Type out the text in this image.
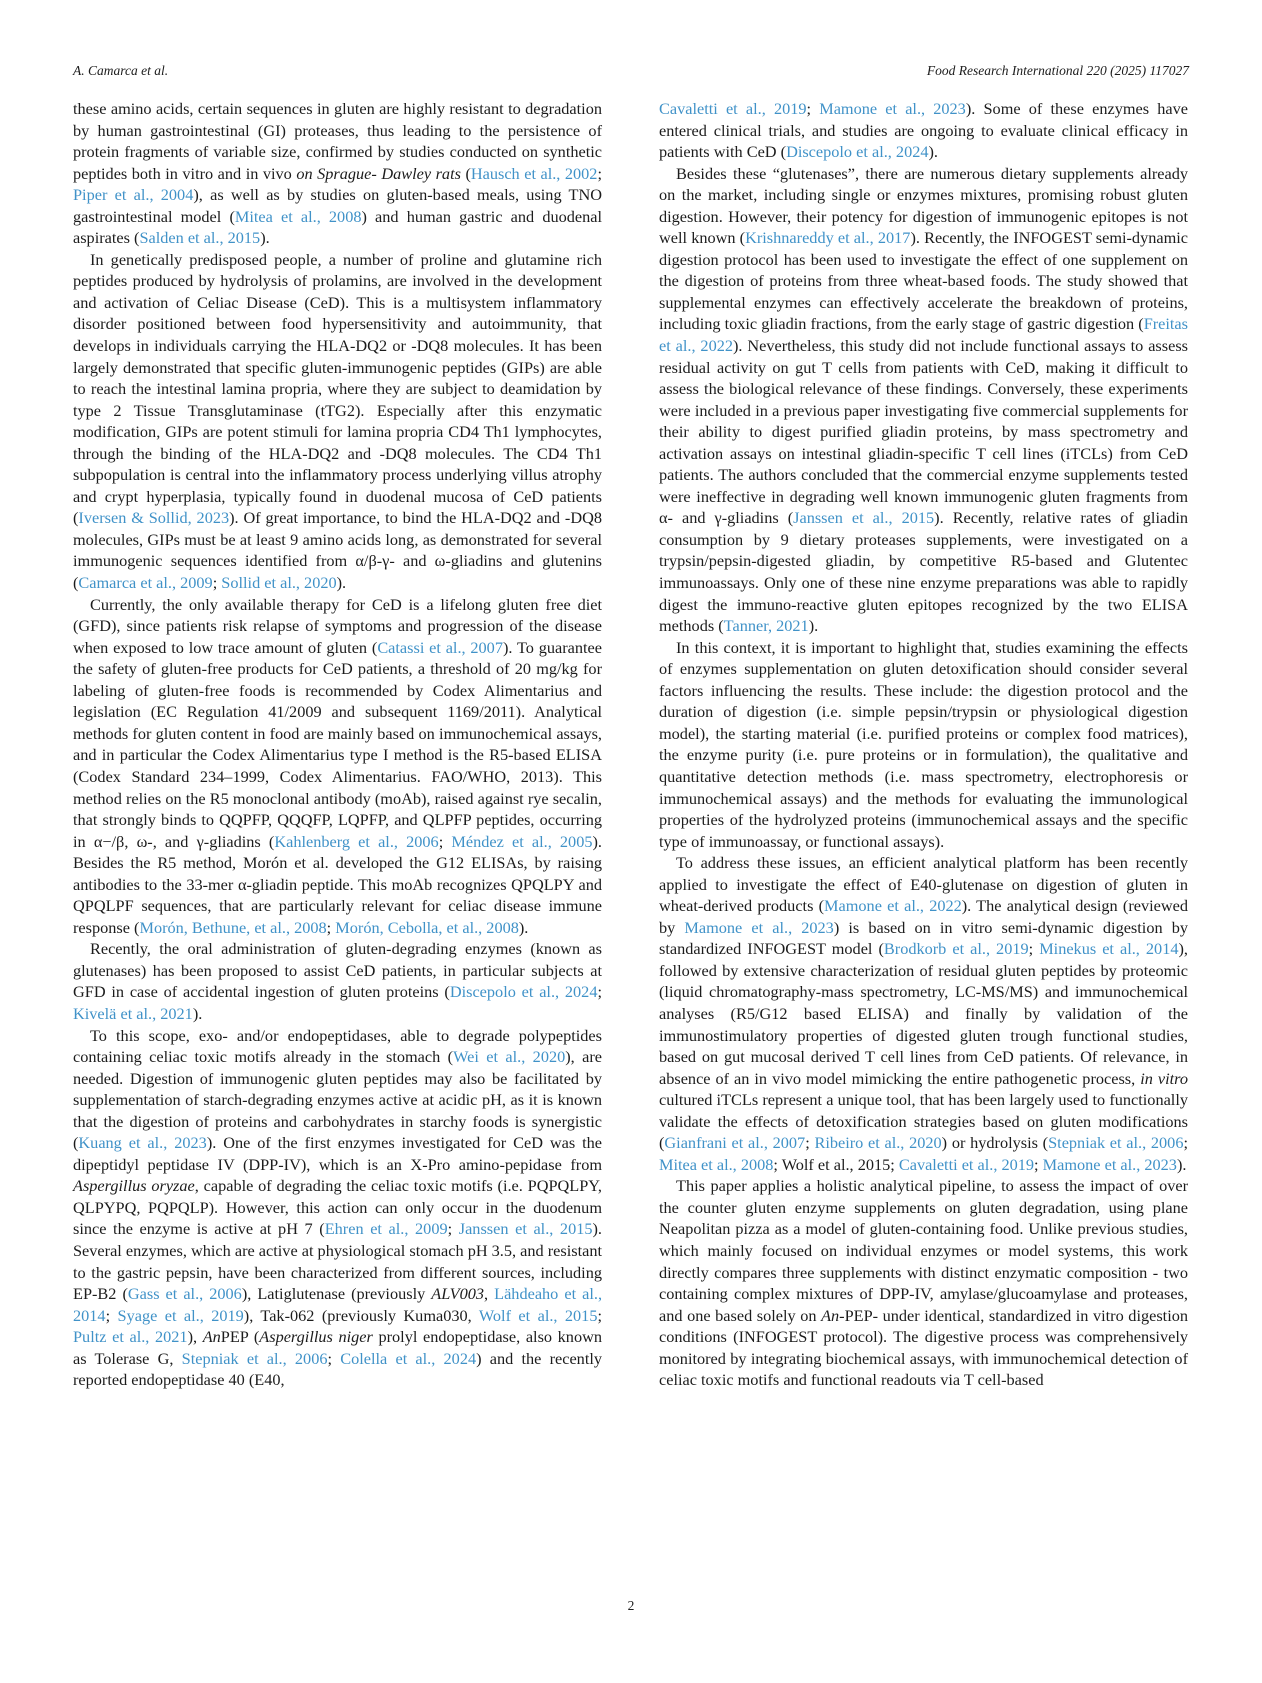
A. Camarca et al.	Food Research International 220 (2025) 117027

these amino acids, certain sequences in gluten are highly resistant to degradation by human gastrointestinal (GI) proteases, thus leading to the persistence of protein fragments of variable size, confirmed by studies conducted on synthetic peptides both in vitro and in vivo on Sprague- Dawley rats (Hausch et al., 2002; Piper et al., 2004), as well as by studies on gluten-based meals, using TNO gastrointestinal model (Mitea et al., 2008) and human gastric and duodenal aspirates (Salden et al., 2015).

In genetically predisposed people, a number of proline and glutamine rich peptides produced by hydrolysis of prolamins, are involved in the development and activation of Celiac Disease (CeD). This is a multisystem inflammatory disorder positioned between food hypersensitivity and autoimmunity, that develops in individuals carrying the HLA-DQ2 or -DQ8 molecules. It has been largely demonstrated that specific gluten-immunogenic peptides (GIPs) are able to reach the intestinal lamina propria, where they are subject to deamidation by type 2 Tissue Transglutaminase (tTG2). Especially after this enzymatic modification, GIPs are potent stimuli for lamina propria CD4 Th1 lymphocytes, through the binding of the HLA-DQ2 and -DQ8 molecules. The CD4 Th1 subpopulation is central into the inflammatory process underlying villus atrophy and crypt hyperplasia, typically found in duodenal mucosa of CeD patients (Iversen & Sollid, 2023). Of great importance, to bind the HLA-DQ2 and -DQ8 molecules, GIPs must be at least 9 amino acids long, as demonstrated for several immunogenic sequences identified from α/β-γ- and ω-gliadins and glutenins (Camarca et al., 2009; Sollid et al., 2020).

Currently, the only available therapy for CeD is a lifelong gluten free diet (GFD), since patients risk relapse of symptoms and progression of the disease when exposed to low trace amount of gluten (Catassi et al., 2007). To guarantee the safety of gluten-free products for CeD patients, a threshold of 20 mg/kg for labeling of gluten-free foods is recommended by Codex Alimentarius and legislation (EC Regulation 41/2009 and subsequent 1169/2011). Analytical methods for gluten content in food are mainly based on immunochemical assays, and in particular the Codex Alimentarius type I method is the R5-based ELISA (Codex Standard 234–1999, Codex Alimentarius. FAO/WHO, 2013). This method relies on the R5 monoclonal antibody (moAb), raised against rye secalin, that strongly binds to QQPFP, QQQFP, LQPFP, and QLPFP peptides, occurring in α−/β, ω-, and γ-gliadins (Kahlenberg et al., 2006; Méndez et al., 2005). Besides the R5 method, Morón et al. developed the G12 ELISAs, by raising antibodies to the 33-mer α-gliadin peptide. This moAb recognizes QPQLPY and QPQLPF sequences, that are particularly relevant for celiac disease immune response (Morón, Bethune, et al., 2008; Morón, Cebolla, et al., 2008).

Recently, the oral administration of gluten-degrading enzymes (known as glutenases) has been proposed to assist CeD patients, in particular subjects at GFD in case of accidental ingestion of gluten proteins (Discepolo et al., 2024; Kivelä et al., 2021).

To this scope, exo- and/or endopeptidases, able to degrade polypeptides containing celiac toxic motifs already in the stomach (Wei et al., 2020), are needed. Digestion of immunogenic gluten peptides may also be facilitated by supplementation of starch-degrading enzymes active at acidic pH, as it is known that the digestion of proteins and carbohydrates in starchy foods is synergistic (Kuang et al., 2023). One of the first enzymes investigated for CeD was the dipeptidyl peptidase IV (DPP-IV), which is an X-Pro amino-pepidase from Aspergillus oryzae, capable of degrading the celiac toxic motifs (i.e. PQPQLPY, QLPYPQ, PQPQLP). However, this action can only occur in the duodenum since the enzyme is active at pH 7 (Ehren et al., 2009; Janssen et al., 2015). Several enzymes, which are active at physiological stomach pH 3.5, and resistant to the gastric pepsin, have been characterized from different sources, including EP-B2 (Gass et al., 2006), Latiglutenase (previously ALV003, Lähdeaho et al., 2014; Syage et al., 2019), Tak-062 (previously Kuma030, Wolf et al., 2015; Pultz et al., 2021), AnPEP (Aspergillus niger prolyl endopeptidase, also known as Tolerase G, Stepniak et al., 2006; Colella et al., 2024) and the recently reported endopeptidase 40 (E40,

Cavaletti et al., 2019; Mamone et al., 2023). Some of these enzymes have entered clinical trials, and studies are ongoing to evaluate clinical efficacy in patients with CeD (Discepolo et al., 2024).

Besides these “glutenases”, there are numerous dietary supplements already on the market, including single or enzymes mixtures, promising robust gluten digestion. However, their potency for digestion of immunogenic epitopes is not well known (Krishnareddy et al., 2017). Recently, the INFOGEST semi-dynamic digestion protocol has been used to investigate the effect of one supplement on the digestion of proteins from three wheat-based foods. The study showed that supplemental enzymes can effectively accelerate the breakdown of proteins, including toxic gliadin fractions, from the early stage of gastric digestion (Freitas et al., 2022). Nevertheless, this study did not include functional assays to assess residual activity on gut T cells from patients with CeD, making it difficult to assess the biological relevance of these findings. Conversely, these experiments were included in a previous paper investigating five commercial supplements for their ability to digest purified gliadin proteins, by mass spectrometry and activation assays on intestinal gliadin-specific T cell lines (iTCLs) from CeD patients. The authors concluded that the commercial enzyme supplements tested were ineffective in degrading well known immunogenic gluten fragments from α- and γ-gliadins (Janssen et al., 2015). Recently, relative rates of gliadin consumption by 9 dietary proteases supplements, were investigated on a trypsin/pepsin-digested gliadin, by competitive R5-based and Glutentec immunoassays. Only one of these nine enzyme preparations was able to rapidly digest the immuno-reactive gluten epitopes recognized by the two ELISA methods (Tanner, 2021).

In this context, it is important to highlight that, studies examining the effects of enzymes supplementation on gluten detoxification should consider several factors influencing the results. These include: the digestion protocol and the duration of digestion (i.e. simple pepsin/trypsin or physiological digestion model), the starting material (i.e. purified proteins or complex food matrices), the enzyme purity (i.e. pure proteins or in formulation), the qualitative and quantitative detection methods (i.e. mass spectrometry, electrophoresis or immunochemical assays) and the methods for evaluating the immunological properties of the hydrolyzed proteins (immunochemical assays and the specific type of immunoassay, or functional assays).

To address these issues, an efficient analytical platform has been recently applied to investigate the effect of E40-glutenase on digestion of gluten in wheat-derived products (Mamone et al., 2022). The analytical design (reviewed by Mamone et al., 2023) is based on in vitro semi-dynamic digestion by standardized INFOGEST model (Brodkorb et al., 2019; Minekus et al., 2014), followed by extensive characterization of residual gluten peptides by proteomic (liquid chromatography-mass spectrometry, LC-MS/MS) and immunochemical analyses (R5/G12 based ELISA) and finally by validation of the immunostimulatory properties of digested gluten trough functional studies, based on gut mucosal derived T cell lines from CeD patients. Of relevance, in absence of an in vivo model mimicking the entire pathogenetic process, in vitro cultured iTCLs represent a unique tool, that has been largely used to functionally validate the effects of detoxification strategies based on gluten modifications (Gianfrani et al., 2007; Ribeiro et al., 2020) or hydrolysis (Stepniak et al., 2006; Mitea et al., 2008; Wolf et al., 2015; Cavaletti et al., 2019; Mamone et al., 2023).

This paper applies a holistic analytical pipeline, to assess the impact of over the counter gluten enzyme supplements on gluten degradation, using plane Neapolitan pizza as a model of gluten-containing food. Unlike previous studies, which mainly focused on individual enzymes or model systems, this work directly compares three supplements with distinct enzymatic composition - two containing complex mixtures of DPP-IV, amylase/glucoamylase and proteases, and one based solely on An-PEP- under identical, standardized in vitro digestion conditions (INFOGEST protocol). The digestive process was comprehensively monitored by integrating biochemical assays, with immunochemical detection of celiac toxic motifs and functional readouts via T cell-based

2
